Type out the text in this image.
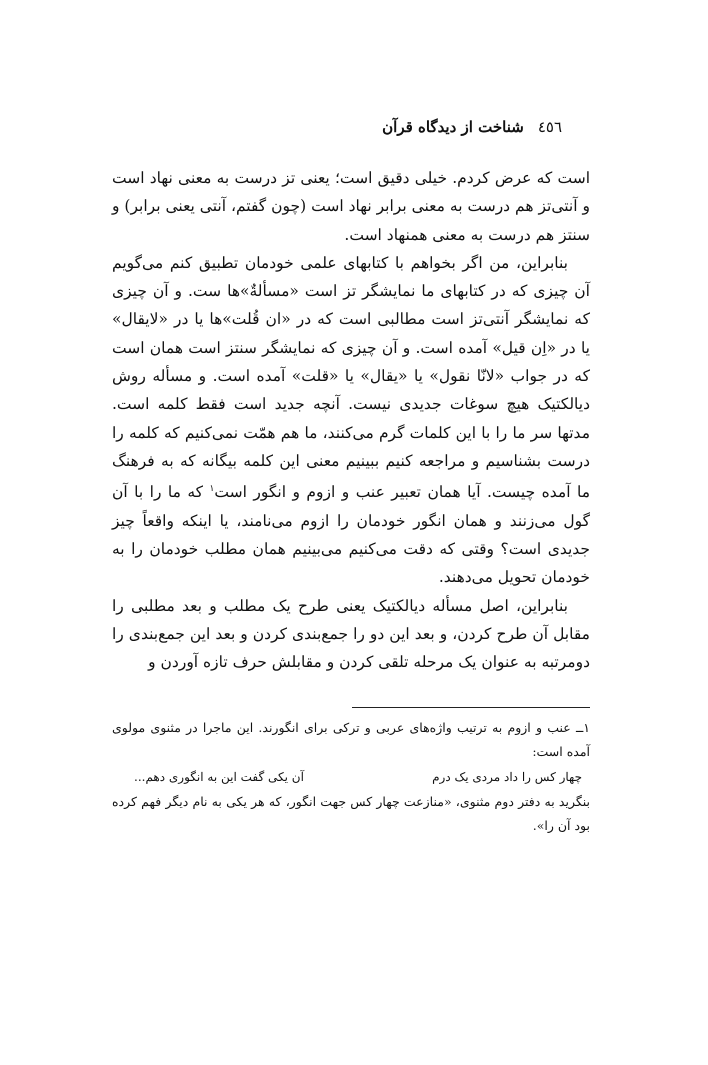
٤٥٦
شناخت از دیدگاه قرآن

است که عرض کردم. خیلی دقیق است؛ یعنی تز درست به معنی نهاد است و آنتی‌تز هم درست به معنی برابر نهاد است (چون گفتم، آنتی یعنی برابر) و سنتز هم درست به معنی همنهاد است.

بنابراین، من اگر بخواهم با کتابهای علمی خودمان تطبیق کنم می‌گویم آن چیزی که در کتابهای ما نمایشگر تز است «مسألةٌ»ها ست. و آن چیزی که نمایشگر آنتی‌تز است مطالبی است که در «ان قُلت»ها یا در «لایقال» یا در «اِن قیل» آمده است. و آن چیزی که نمایشگر سنتز است همان است که در جواب «لانّا نقول» یا «یقال» یا «قلت» آمده است. و مسأله روش دیالکتیک هیچ سوغات جدیدی نیست. آنچه جدید است فقط کلمه است. مدتها سر ما را با این کلمات گرم می‌کنند، ما هم همّت نمی‌کنیم که کلمه را درست بشناسیم و مراجعه کنیم ببینیم معنی این کلمه بیگانه که به فرهنگ ما آمده چیست. آیا همان تعبیر عنب و ازوم و انگور است$^١$ که ما را با آن گول می‌زنند و همان انگور خودمان را ازوم می‌نامند، یا اینکه واقعاً چیز جدیدی است؟ وقتی که دقت می‌کنیم می‌بینیم همان مطلب خودمان را به خودمان تحویل می‌دهند.

بنابراین، اصل مسأله دیالکتیک یعنی طرح یک مطلب و بعد مطلبی را مقابل آن طرح کردن، و بعد این دو را جمع‌بندی کردن و بعد این جمع‌بندی را دومرتبه به عنوان یک مرحله تلقی کردن و مقابلش حرف تازه آوردن و

١ــ عنب و ازوم به ترتیب واژه‌های عربی و ترکی برای انگورند. این ماجرا در مثنوی مولوی آمده است:

چهار کس را داد مردی یک درم
آن یکی گفت این به انگوری دهم...

بنگرید به دفتر دوم مثنوی، «منازعت چهار کس جهت انگور، که هر یکی به نام دیگر فهم کرده بود آن را».
